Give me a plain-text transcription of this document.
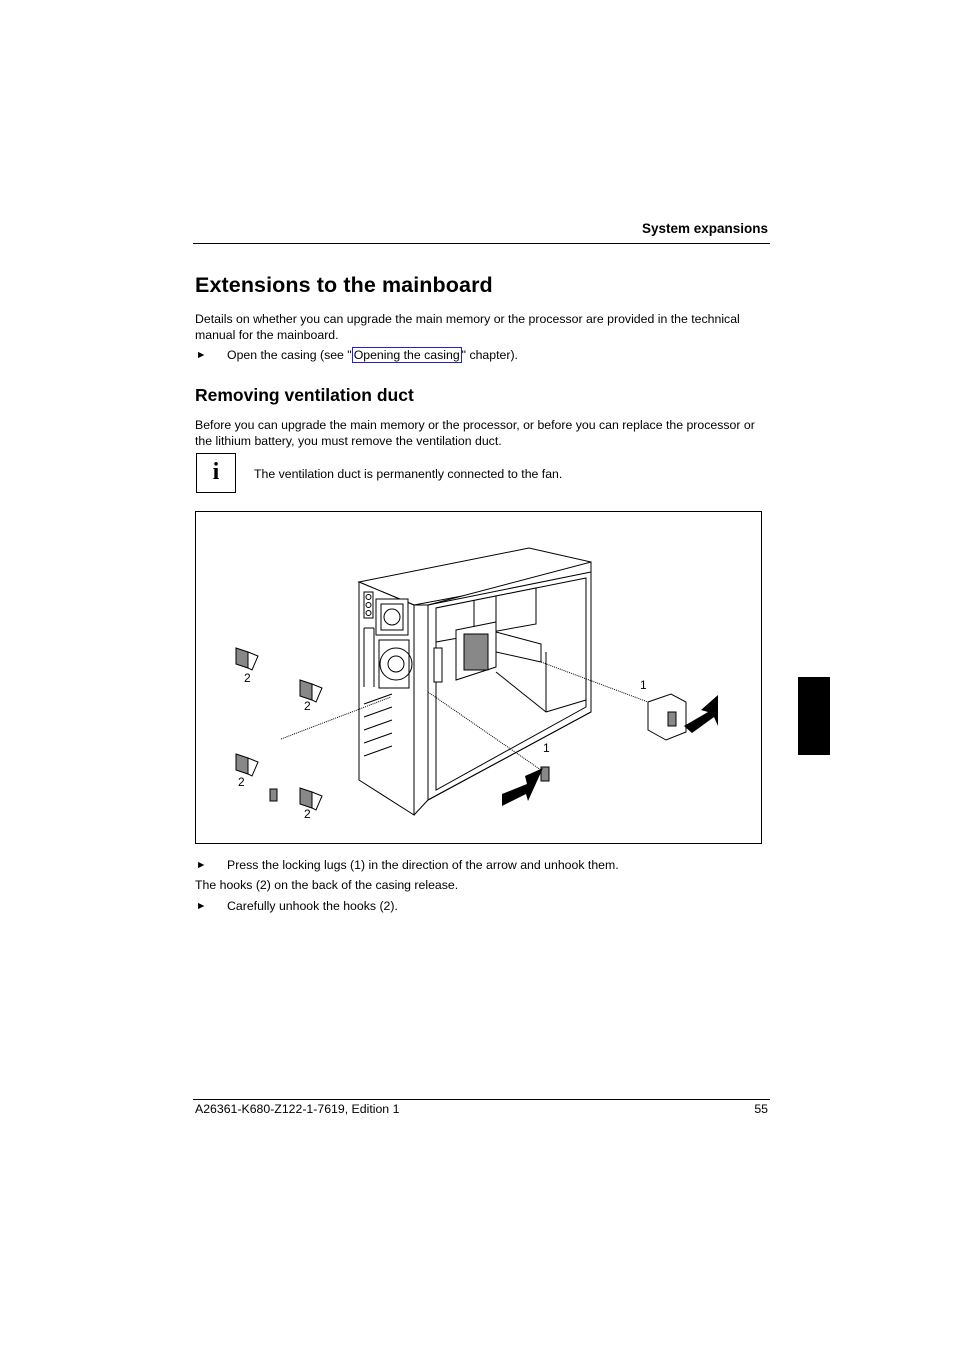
System expansions
Extensions to the mainboard
Details on whether you can upgrade the main memory or the processor are provided in the technical manual for the mainboard.
► Open the casing (see " Opening the casing " chapter).
Removing ventilation duct
Before you can upgrade the main memory or the processor, or before you can replace the processor or the lithium battery, you must remove the ventilation duct.
i	The ventilation duct is permanently connected to the fan.
2
2
2
2
1
1
► Press the locking lugs (1) in the direction of the arrow and unhook them.
The hooks (2) on the back of the casing release.
► Carefully unhook the hooks (2).
A26361-K680-Z122-1-7619, Edition 1	55
